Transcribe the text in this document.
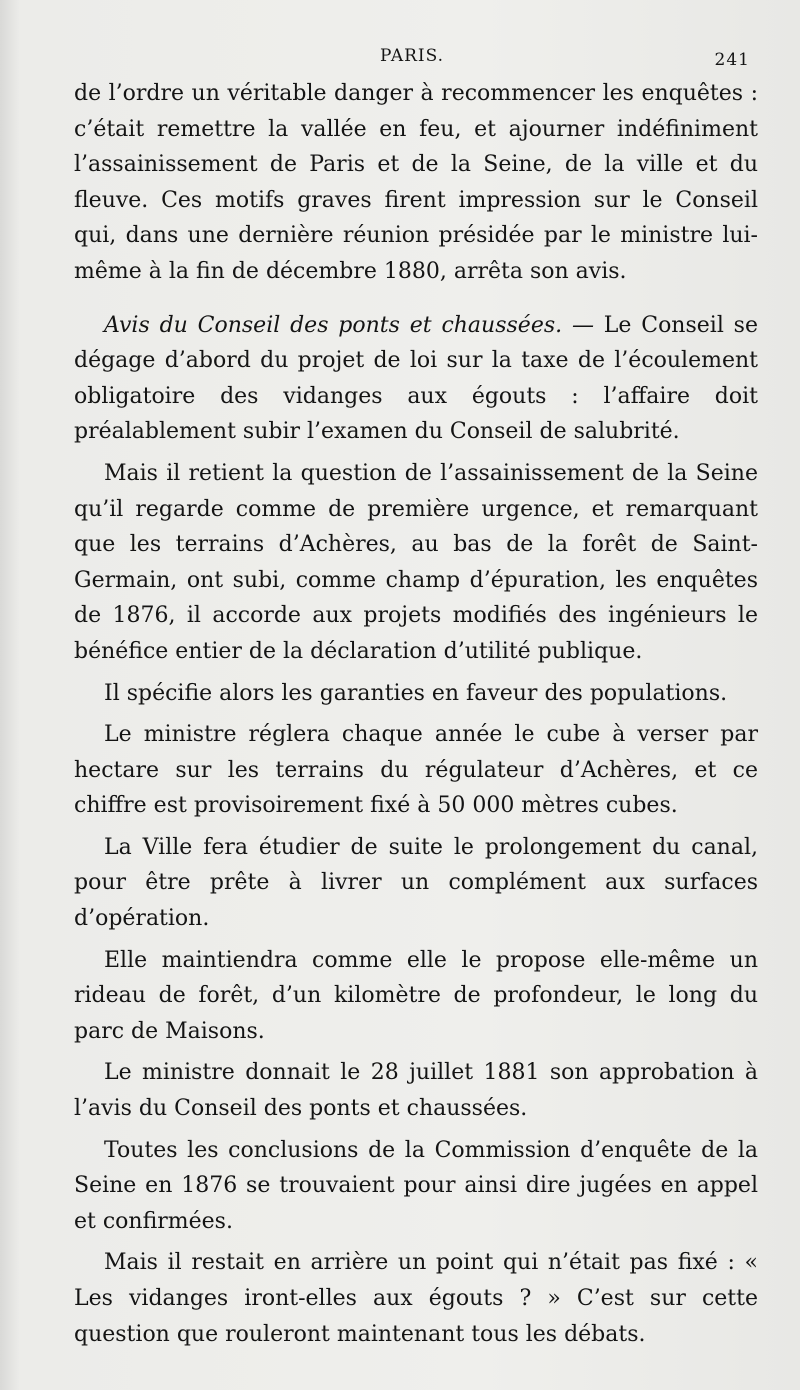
PARIS.	241

de l’ordre un véritable danger à recommencer les enquêtes : c’était remettre la vallée en feu, et ajourner indéfiniment l’assainissement de Paris et de la Seine, de la ville et du fleuve. Ces motifs graves firent impression sur le Conseil qui, dans une dernière réunion présidée par le ministre lui-même à la fin de décembre 1880, arrêta son avis.

Avis du Conseil des ponts et chaussées. — Le Conseil se dégage d’abord du projet de loi sur la taxe de l’écoulement obligatoire des vidanges aux égouts : l’affaire doit préalablement subir l’examen du Conseil de salubrité.

Mais il retient la question de l’assainissement de la Seine qu’il regarde comme de première urgence, et remarquant que les terrains d’Achères, au bas de la forêt de Saint-Germain, ont subi, comme champ d’épuration, les enquêtes de 1876, il accorde aux projets modifiés des ingénieurs le bénéfice entier de la déclaration d’utilité publique.

Il spécifie alors les garanties en faveur des populations.

Le ministre réglera chaque année le cube à verser par hectare sur les terrains du régulateur d’Achères, et ce chiffre est provisoirement fixé à 50 000 mètres cubes.

La Ville fera étudier de suite le prolongement du canal, pour être prête à livrer un complément aux surfaces d’opération.

Elle maintiendra comme elle le propose elle-même un rideau de forêt, d’un kilomètre de profondeur, le long du parc de Maisons.

Le ministre donnait le 28 juillet 1881 son approbation à l’avis du Conseil des ponts et chaussées.

Toutes les conclusions de la Commission d’enquête de la Seine en 1876 se trouvaient pour ainsi dire jugées en appel et confirmées.

Mais il restait en arrière un point qui n’était pas fixé : « Les vidanges iront-elles aux égouts ? » C’est sur cette question que rouleront maintenant tous les débats.
